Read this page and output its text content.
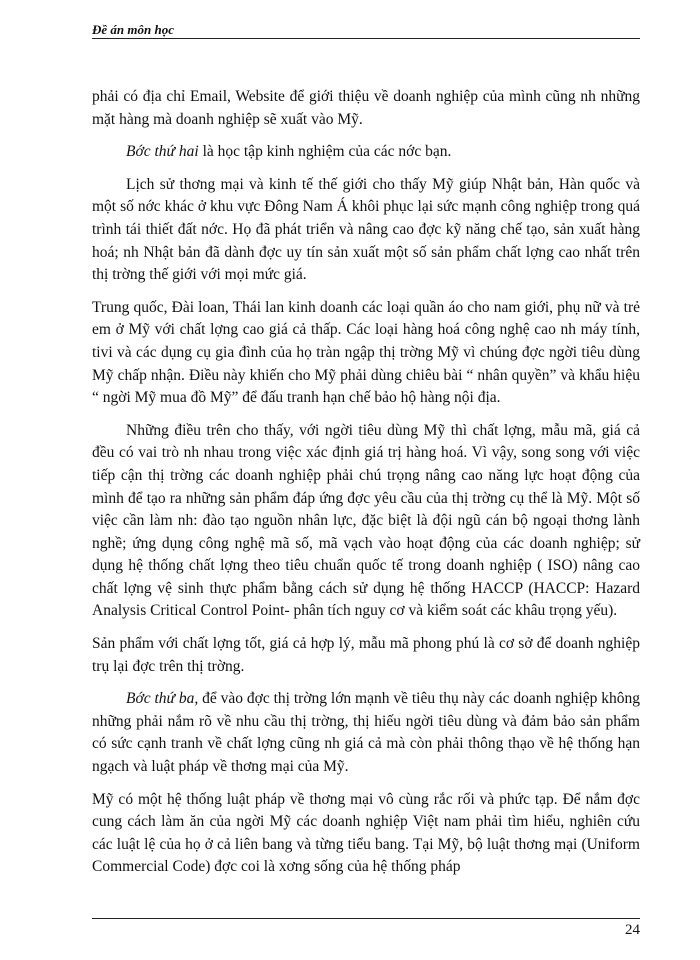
Đề án môn học

phải có địa chỉ Email, Website để giới thiệu về doanh nghiệp của mình cũng nh những mặt hàng mà doanh nghiệp sẽ xuất vào Mỹ.

Bớc thứ hai là học tập kinh nghiệm của các nớc bạn.

Lịch sử thơng mại và kinh tế thế giới cho thấy Mỹ giúp Nhật bản, Hàn quốc và một số nớc khác ở khu vực Đông Nam Á khôi phục lại sức mạnh công nghiệp trong quá trình tái thiết đất nớc. Họ đã phát triển và nâng cao đợc kỹ năng chế tạo, sản xuất hàng hoá; nh Nhật bản đã dành đợc uy tín sản xuất một số sản phẩm chất lợng cao nhất trên thị trờng thế giới với mọi mức giá.

Trung quốc, Đài loan, Thái lan kinh doanh các loại quần áo cho nam giới, phụ nữ và trẻ em ở Mỹ với chất lợng cao giá cả thấp. Các loại hàng hoá công nghệ cao nh máy tính, tivi và các dụng cụ gia đình của họ tràn ngập thị trờng Mỹ vì chúng đợc ngời tiêu dùng Mỹ chấp nhận. Điều này khiến cho Mỹ phải dùng chiêu bài “ nhân quyền” và khẩu hiệu “ ngời Mỹ mua đồ Mỹ” để đấu tranh hạn chế bảo hộ hàng nội địa.

Những điều trên cho thấy, với ngời tiêu dùng Mỹ thì chất lợng, mẫu mã, giá cả đều có vai trò nh nhau trong việc xác định giá trị hàng hoá. Vì vậy, song song với việc tiếp cận thị trờng các doanh nghiệp phải chú trọng nâng cao năng lực hoạt động của mình để tạo ra những sản phẩm đáp ứng đợc yêu cầu của thị trờng cụ thể là Mỹ. Một số việc cần làm nh: đào tạo nguồn nhân lực, đặc biệt là đội ngũ cán bộ ngoại thơng lành nghề; ứng dụng công nghệ mã số, mã vạch vào hoạt động của các doanh nghiệp; sử dụng hệ thống chất lợng theo tiêu chuẩn quốc tế trong doanh nghiệp ( ISO) nâng cao chất lợng vệ sinh thực phẩm bằng cách sử dụng hệ thống HACCP (HACCP: Hazard Analysis Critical Control Point- phân tích nguy cơ và kiểm soát các khâu trọng yếu).

Sản phẩm với chất lợng tốt, giá cả hợp lý, mẫu mã phong phú là cơ sở để doanh nghiệp trụ lại đợc trên thị trờng.

Bớc thứ ba, để vào đợc thị trờng lớn mạnh về tiêu thụ này các doanh nghiệp không những phải nắm rõ về nhu cầu thị trờng, thị hiếu ngời tiêu dùng và đảm bảo sản phẩm có sức cạnh tranh về chất lợng cũng nh giá cả mà còn phải thông thạo về hệ thống hạn ngạch và luật pháp về thơng mại của Mỹ.

Mỹ có một hệ thống luật pháp về thơng mại vô cùng rắc rối và phức tạp. Để nắm đợc cung cách làm ăn của ngời Mỹ các doanh nghiệp Việt nam phải tìm hiểu, nghiên cứu các luật lệ của họ ở cả liên bang và từng tiểu bang. Tại Mỹ, bộ luật thơng mại (Uniform Commercial Code) đợc coi là xơng sống của hệ thống pháp

24
